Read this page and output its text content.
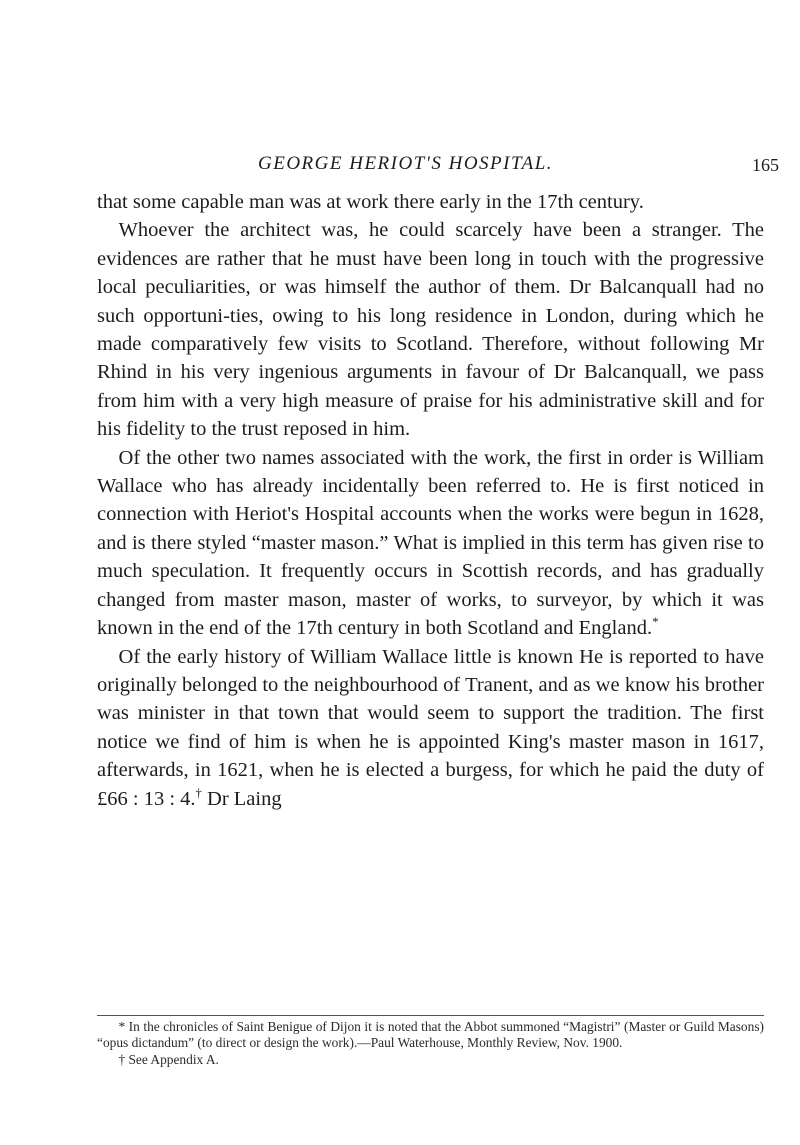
GEORGE HERIOT'S HOSPITAL.	165

that some capable man was at work there early in the 17th century.

Whoever the architect was, he could scarcely have been a stranger. The evidences are rather that he must have been long in touch with the progressive local peculiarities, or was himself the author of them. Dr Balcanquall had no such opportuni-ties, owing to his long residence in London, during which he made comparatively few visits to Scotland. Therefore, without following Mr Rhind in his very ingenious arguments in favour of Dr Balcanquall, we pass from him with a very high measure of praise for his administrative skill and for his fidelity to the trust reposed in him.

Of the other two names associated with the work, the first in order is William Wallace who has already incidentally been referred to. He is first noticed in connection with Heriot's Hospital accounts when the works were begun in 1628, and is there styled “master mason.” What is implied in this term has given rise to much speculation. It frequently occurs in Scottish records, and has gradually changed from master mason, master of works, to surveyor, by which it was known in the end of the 17th century in both Scotland and England.*

Of the early history of William Wallace little is known He is reported to have originally belonged to the neighbourhood of Tranent, and as we know his brother was minister in that town that would seem to support the tradition. The first notice we find of him is when he is appointed King's master mason in 1617, afterwards, in 1621, when he is elected a burgess, for which he paid the duty of £66 : 13 : 4.† Dr Laing

* In the chronicles of Saint Benigue of Dijon it is noted that the Abbot summoned “Magistri” (Master or Guild Masons) “opus dictandum” (to direct or design the work).—Paul Waterhouse, Monthly Review, Nov. 1900.

† See Appendix A.
